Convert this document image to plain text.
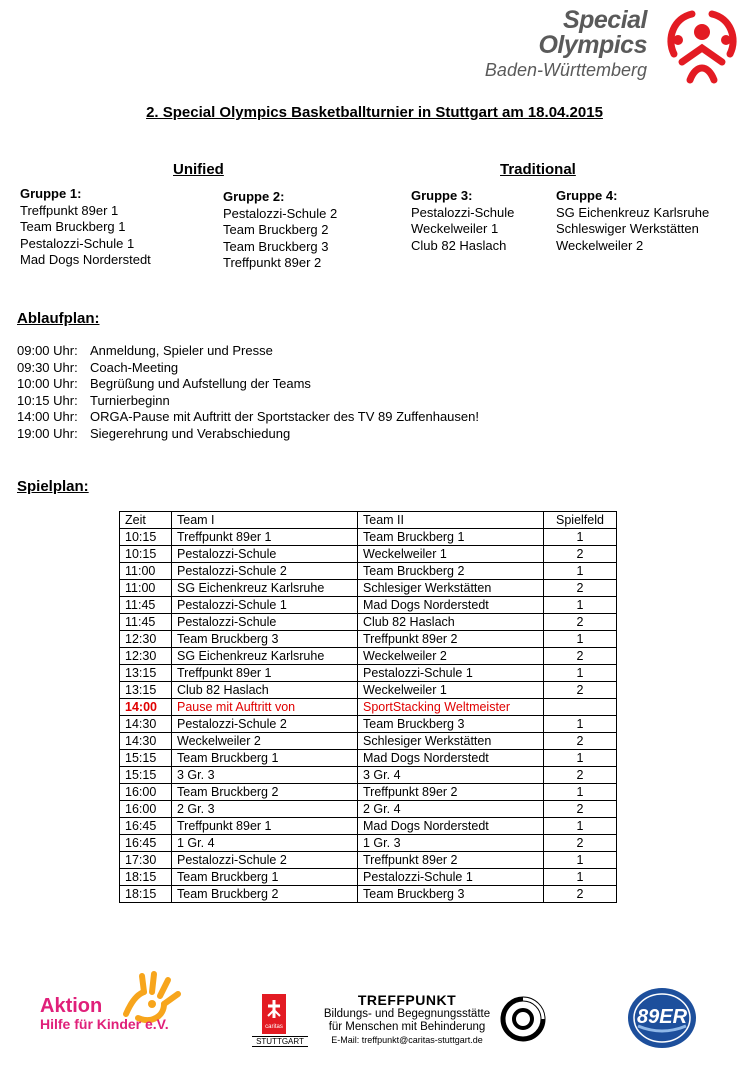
Special
Olympics
Baden-Württemberg
2. Special Olympics Basketballturnier in Stuttgart am 18.04.2015
Unified	Traditional
Gruppe 1:
Treffpunkt 89er 1
Team Bruckberg 1
Pestalozzi-Schule 1
Mad Dogs Norderstedt
Gruppe 2:
Pestalozzi-Schule 2
Team Bruckberg 2
Team Bruckberg 3
Treffpunkt 89er 2
Gruppe 3:
Pestalozzi-Schule
Weckelweiler 1
Club 82 Haslach
Gruppe 4:
SG Eichenkreuz Karlsruhe
Schleswiger Werkstätten
Weckelweiler 2
Ablaufplan:
09:00 Uhr: Anmeldung, Spieler und Presse
09:30 Uhr: Coach-Meeting
10:00 Uhr: Begrüßung und Aufstellung der Teams
10:15 Uhr: Turnierbeginn
14:00 Uhr: ORGA-Pause mit Auftritt der Sportstacker des TV 89 Zuffenhausen!
19:00 Uhr: Siegerehrung und Verabschiedung
Spielplan:
Zeit	Team I	Team II	Spielfeld
10:15	Treffpunkt 89er 1	Team Bruckberg 1	1
10:15	Pestalozzi-Schule	Weckelweiler 1	2
11:00	Pestalozzi-Schule 2	Team Bruckberg 2	1
11:00	SG Eichenkreuz Karlsruhe	Schlesiger Werkstätten	2
11:45	Pestalozzi-Schule 1	Mad Dogs Norderstedt	1
11:45	Pestalozzi-Schule	Club 82 Haslach	2
12:30	Team Bruckberg 3	Treffpunkt 89er 2	1
12:30	SG Eichenkreuz Karlsruhe	Weckelweiler 2	2
13:15	Treffpunkt 89er 1	Pestalozzi-Schule 1	1
13:15	Club 82 Haslach	Weckelweiler 1	2
14:00	Pause mit Auftritt von	SportStacking Weltmeister	
14:30	Pestalozzi-Schule 2	Team Bruckberg 3	1
14:30	Weckelweiler 2	Schlesiger Werkstätten	2
15:15	Team Bruckberg 1	Mad Dogs Norderstedt	1
15:15	3 Gr. 3	3 Gr. 4	2
16:00	Team Bruckberg 2	Treffpunkt 89er 2	1
16:00	2 Gr. 3	2 Gr. 4	2
16:45	Treffpunkt 89er 1	Mad Dogs Norderstedt	1
16:45	1 Gr. 4	1 Gr. 3	2
17:30	Pestalozzi-Schule 2	Treffpunkt 89er 2	1
18:15	Team Bruckberg 1	Pestalozzi-Schule 1	1
18:15	Team Bruckberg 2	Team Bruckberg 3	2
Aktion
Hilfe für Kinder e.V.	caritas
STUTTGART
TREFFPUNKT
Bildungs- und Begegnungsstätte
für Menschen mit Behinderung
E-Mail: treffpunkt@caritas-stuttgart.de
89ER
